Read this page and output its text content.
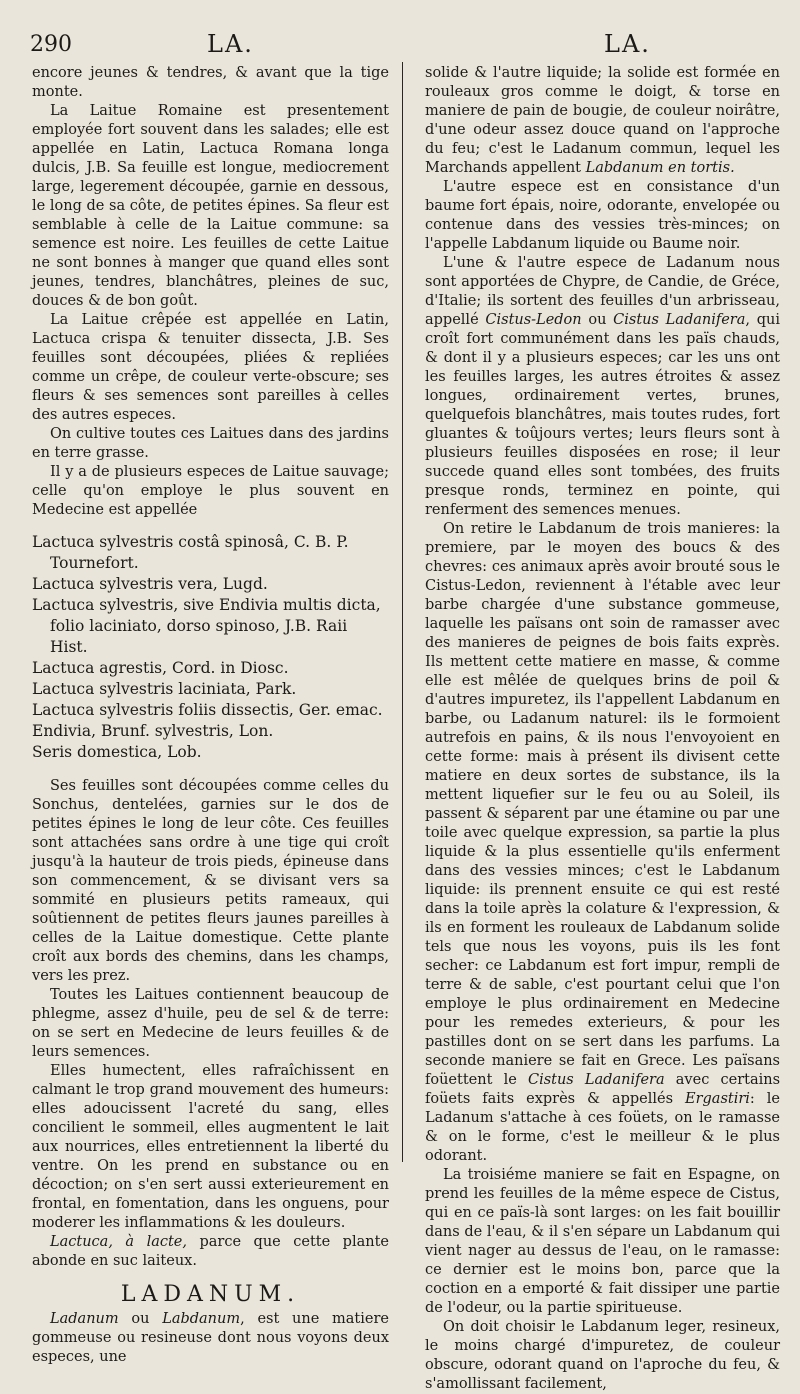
290	LA.	LA.

encore jeunes & tendres, & avant que la tige monte.

La Laitue Romaine est presentement employée fort souvent dans les salades; elle est appellée en Latin, Lactuca Romana longa dulcis, J.B. Sa feuille est longue, mediocrement large, legerement découpée, garnie en dessous, le long de sa côte, de petites épines. Sa fleur est semblable à celle de la Laitue commune: sa semence est noire. Les feuilles de cette Laitue ne sont bonnes à manger que quand elles sont jeunes, tendres, blanchâtres, pleines de suc, douces & de bon goût.

La Laitue crêpée est appellée en Latin, Lactuca crispa & tenuiter dissecta, J.B. Ses feuilles sont découpées, pliées & repliées comme un crêpe, de couleur verte-obscure; ses fleurs & ses semences sont pareilles à celles des autres especes.

On cultive toutes ces Laitues dans des jardins en terre grasse.

Il y a de plusieurs especes de Laitue sauvage; celle qu'on employe le plus souvent en Medecine est appellée

Lactuca sylvestris costâ spinosâ, C. B. P. Tournefort.
Lactuca sylvestris vera, Lugd.
Lactuca sylvestris, sive Endivia multis dicta, folio laciniato, dorso spinoso, J.B. Raii Hist.
Lactuca agrestis, Cord. in Diosc.
Lactuca sylvestris laciniata, Park.
Lactuca sylvestris foliis dissectis, Ger. emac.
Endivia, Brunf. sylvestris, Lon.
Seris domestica, Lob.

Ses feuilles sont découpées comme celles du Sonchus, dentelées, garnies sur le dos de petites épines le long de leur côte. Ces feuilles sont attachées sans ordre à une tige qui croît jusqu'à la hauteur de trois pieds, épineuse dans son commencement, & se divisant vers sa sommité en plusieurs petits rameaux, qui soûtiennent de petites fleurs jaunes pareilles à celles de la Laitue domestique. Cette plante croît aux bords des chemins, dans les champs, vers les prez.

Toutes les Laitues contiennent beaucoup de phlegme, assez d'huile, peu de sel & de terre: on se sert en Medecine de leurs feuilles & de leurs semences.

Elles humectent, elles rafraîchissent en calmant le trop grand mouvement des humeurs: elles adoucissent l'acreté du sang, elles concilient le sommeil, elles augmentent le lait aux nourrices, elles entretiennent la liberté du ventre. On les prend en substance ou en décoction; on s'en sert aussi exterieurement en frontal, en fomentation, dans les onguens, pour moderer les inflammations & les douleurs.

Lactuca, à lacte, parce que cette plante abonde en suc laiteux.

LADANUM.

Ladanum ou Labdanum, est une matiere gommeuse ou resineuse dont nous voyons deux especes, une

solide & l'autre liquide; la solide est formée en rouleaux gros comme le doigt, & torse en maniere de pain de bougie, de couleur noirâtre, d'une odeur assez douce quand on l'approche du feu; c'est le Ladanum commun, lequel les Marchands appellent Labdanum en tortis.

L'autre espece est en consistance d'un baume fort épais, noire, odorante, envelopée ou contenue dans des vessies très-minces; on l'appelle Labdanum liquide ou Baume noir.

L'une & l'autre espece de Ladanum nous sont apportées de Chypre, de Candie, de Gréce, d'Italie; ils sortent des feuilles d'un arbrisseau, appellé Cistus-Ledon ou Cistus Ladanifera, qui croît fort communément dans les païs chauds, & dont il y a plusieurs especes; car les uns ont les feuilles larges, les autres étroites & assez longues, ordinairement vertes, brunes, quelquefois blanchâtres, mais toutes rudes, fort gluantes & toûjours vertes; leurs fleurs sont à plusieurs feuilles disposées en rose; il leur succede quand elles sont tombées, des fruits presque ronds, terminez en pointe, qui renferment des semences menues.

On retire le Labdanum de trois manieres: la premiere, par le moyen des boucs & des chevres: ces animaux après avoir brouté sous le Cistus-Ledon, reviennent à l'étable avec leur barbe chargée d'une substance gommeuse, laquelle les païsans ont soin de ramasser avec des manieres de peignes de bois faits exprès. Ils mettent cette matiere en masse, & comme elle est mêlée de quelques brins de poil & d'autres impuretez, ils l'appellent Labdanum en barbe, ou Ladanum naturel: ils le formoient autrefois en pains, & ils nous l'envoyoient en cette forme: mais à présent ils divisent cette matiere en deux sortes de substance, ils la mettent liquefier sur le feu ou au Soleil, ils passent & séparent par une étamine ou par une toile avec quelque expression, sa partie la plus liquide & la plus essentielle qu'ils enferment dans des vessies minces; c'est le Labdanum liquide: ils prennent ensuite ce qui est resté dans la toile après la colature & l'expression, & ils en forment les rouleaux de Labdanum solide tels que nous les voyons, puis ils les font secher: ce Labdanum est fort impur, rempli de terre & de sable, c'est pourtant celui que l'on employe le plus ordinairement en Medecine pour les remedes exterieurs, & pour les pastilles dont on se sert dans les parfums. La seconde maniere se fait en Grece. Les païsans foüettent le Cistus Ladanifera avec certains foüets faits exprès & appellés Ergastiri: le Ladanum s'attache à ces foüets, on le ramasse & on le forme, c'est le meilleur & le plus odorant.

La troisiéme maniere se fait en Espagne, on prend les feuilles de la même espece de Cistus, qui en ce païs-là sont larges: on les fait bouillir dans de l'eau, & il s'en sépare un Labdanum qui vient nager au dessus de l'eau, on le ramasse: ce dernier est le moins bon, parce que la coction en a emporté & fait dissiper une partie de l'odeur, ou la partie spiritueuse.

On doit choisir le Labdanum leger, resineux, le moins chargé d'impuretez, de couleur obscure, odorant quand on l'aproche du feu, & s'amollissant facilement,
